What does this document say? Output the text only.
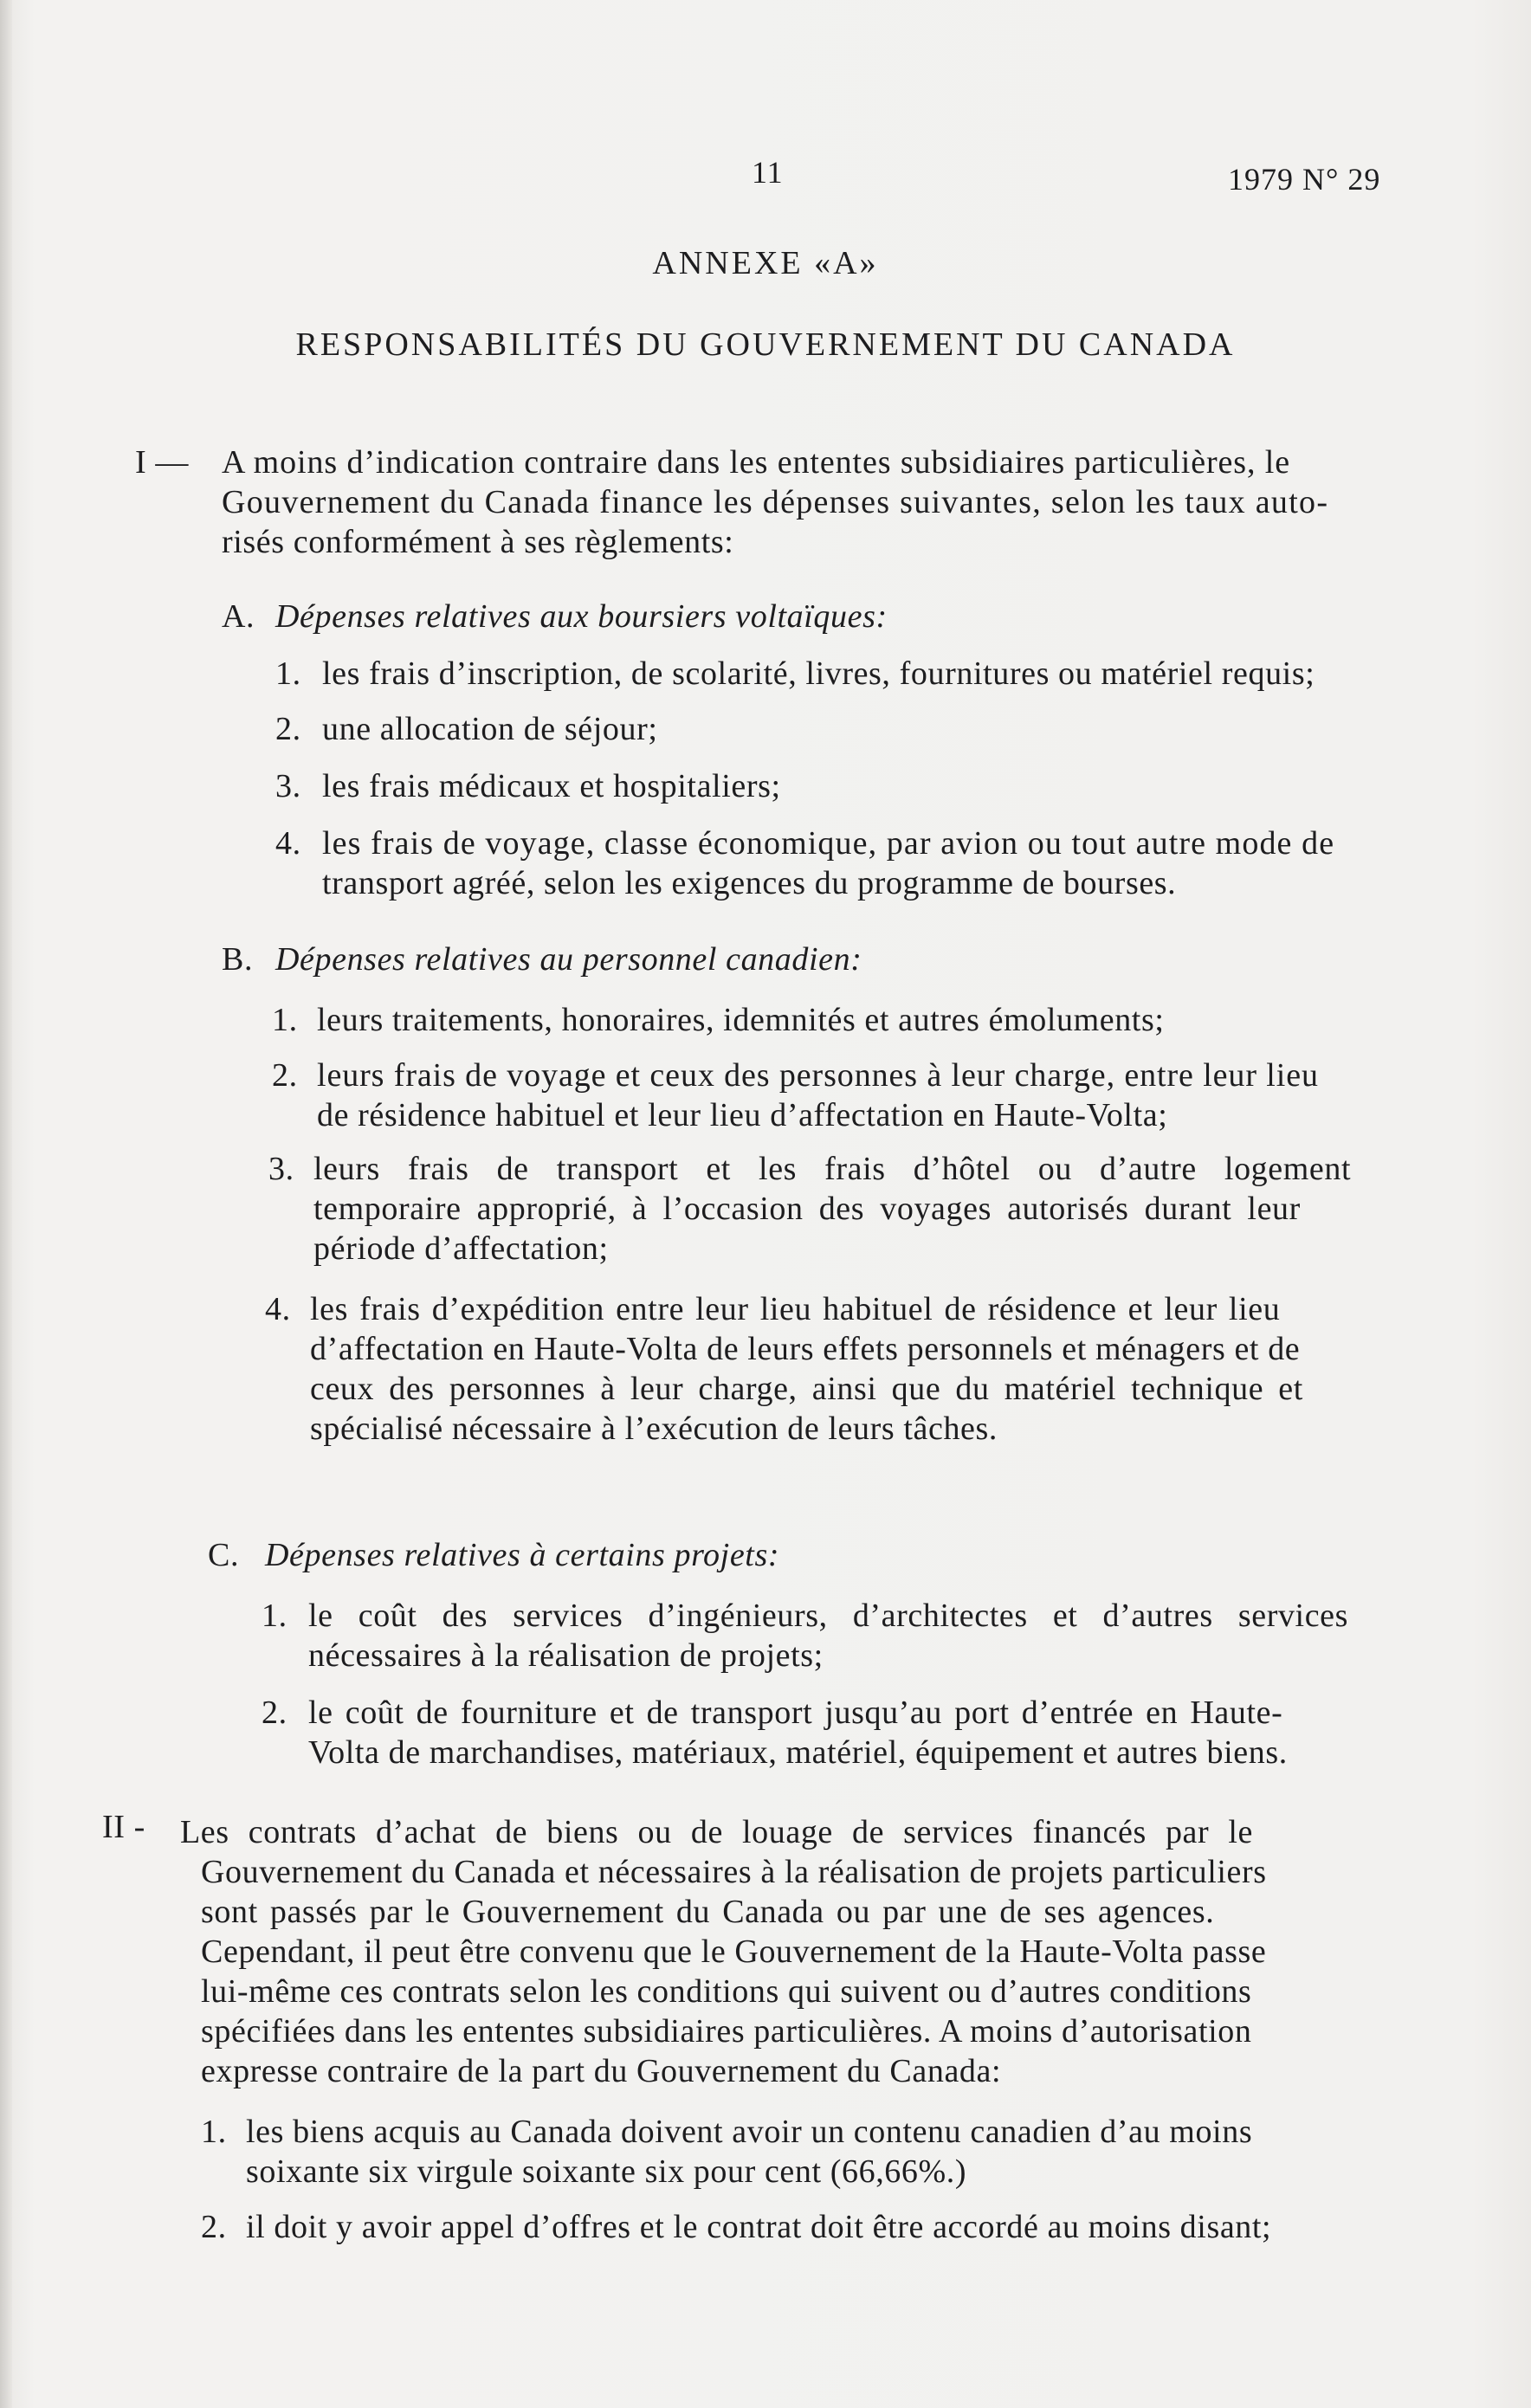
11	1979 N° 29
ANNEXE «A»
RESPONSABILITÉS DU GOUVERNEMENT DU CANADA
I — A moins d’indication contraire dans les ententes subsidiaires particulières, le
Gouvernement du Canada finance les dépenses suivantes, selon les taux auto-
risés conformément à ses règlements:
A. Dépenses relatives aux boursiers voltaïques:
1. les frais d’inscription, de scolarité, livres, fournitures ou matériel requis;
2. une allocation de séjour;
3. les frais médicaux et hospitaliers;
4. les frais de voyage, classe économique, par avion ou tout autre mode de
transport agréé, selon les exigences du programme de bourses.
B. Dépenses relatives au personnel canadien:
1. leurs traitements, honoraires, idemnités et autres émoluments;
2. leurs frais de voyage et ceux des personnes à leur charge, entre leur lieu
de résidence habituel et leur lieu d’affectation en Haute-Volta;
3. leurs frais de transport et les frais d’hôtel ou d’autre logement
temporaire approprié, à l’occasion des voyages autorisés durant leur
période d’affectation;
4. les frais d’expédition entre leur lieu habituel de résidence et leur lieu
d’affectation en Haute-Volta de leurs effets personnels et ménagers et de
ceux des personnes à leur charge, ainsi que du matériel technique et
spécialisé nécessaire à l’exécution de leurs tâches.
C. Dépenses relatives à certains projets:
1. le coût des services d’ingénieurs, d’architectes et d’autres services
nécessaires à la réalisation de projets;
2. le coût de fourniture et de transport jusqu’au port d’entrée en Haute-
Volta de marchandises, matériaux, matériel, équipement et autres biens.
II - Les contrats d’achat de biens ou de louage de services financés par le
Gouvernement du Canada et nécessaires à la réalisation de projets particuliers
sont passés par le Gouvernement du Canada ou par une de ses agences.
Cependant, il peut être convenu que le Gouvernement de la Haute-Volta passe
lui-même ces contrats selon les conditions qui suivent ou d’autres conditions
spécifiées dans les ententes subsidiaires particulières. A moins d’autorisation
expresse contraire de la part du Gouvernement du Canada:
1. les biens acquis au Canada doivent avoir un contenu canadien d’au moins
soixante six virgule soixante six pour cent (66,66%.)
2. il doit y avoir appel d’offres et le contrat doit être accordé au moins disant;
